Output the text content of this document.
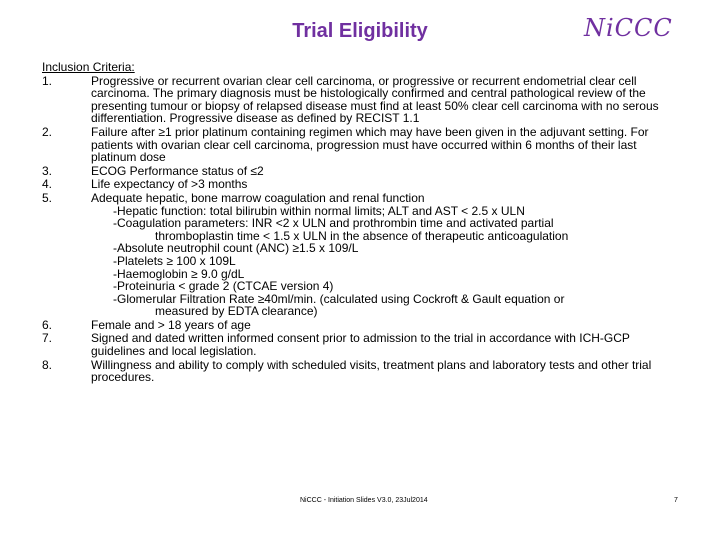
Trial Eligibility	NiCCC
Inclusion Criteria:
1.	Progressive or recurrent ovarian clear cell carcinoma, or progressive or recurrent endometrial clear cell carcinoma. The primary diagnosis must be histologically confirmed and central pathological review of the presenting tumour or biopsy of relapsed disease must find at least 50% clear cell carcinoma with no serous differentiation. Progressive disease as defined by RECIST 1.1
2.	Failure after ≥1 prior platinum containing regimen which may have been given in the adjuvant setting. For patients with ovarian clear cell carcinoma, progression must have occurred within 6 months of their last platinum dose
3.	ECOG Performance status of ≤2
4.	Life expectancy of >3 months
5.	Adequate hepatic, bone marrow coagulation and renal function
-Hepatic function: total bilirubin within normal limits; ALT and AST < 2.5 x ULN
-Coagulation parameters: INR <2 x ULN and prothrombin time and activated partial
thromboplastin time < 1.5 x ULN in the absence of therapeutic anticoagulation
-Absolute neutrophil count (ANC) ≥1.5 x 109/L
-Platelets ≥ 100 x 109L
-Haemoglobin ≥ 9.0 g/dL
-Proteinuria < grade 2 (CTCAE version 4)
-Glomerular Filtration Rate ≥40ml/min. (calculated using Cockroft & Gault equation or
measured by EDTA clearance)
6.	Female and > 18 years of age
7.	Signed and dated written informed consent prior to admission to the trial in accordance with ICH-GCP guidelines and local legislation.
8.	Willingness and ability to comply with scheduled visits, treatment plans and laboratory tests and other trial procedures.
NiCCC - Initiation Slides V3.0, 23Jul2014	7
